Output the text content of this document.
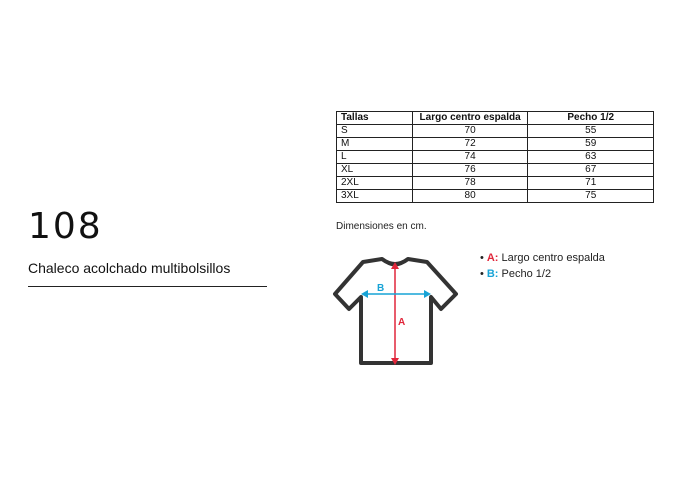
108
Chaleco acolchado multibolsillos
Tallas	Largo centro espalda	Pecho 1/2
S	70	55
M	72	59
L	74	63
XL	76	67
2XL	78	71
3XL	80	75
Dimensiones en cm.
A
B
• A: Largo centro espalda
• B: Pecho 1/2
